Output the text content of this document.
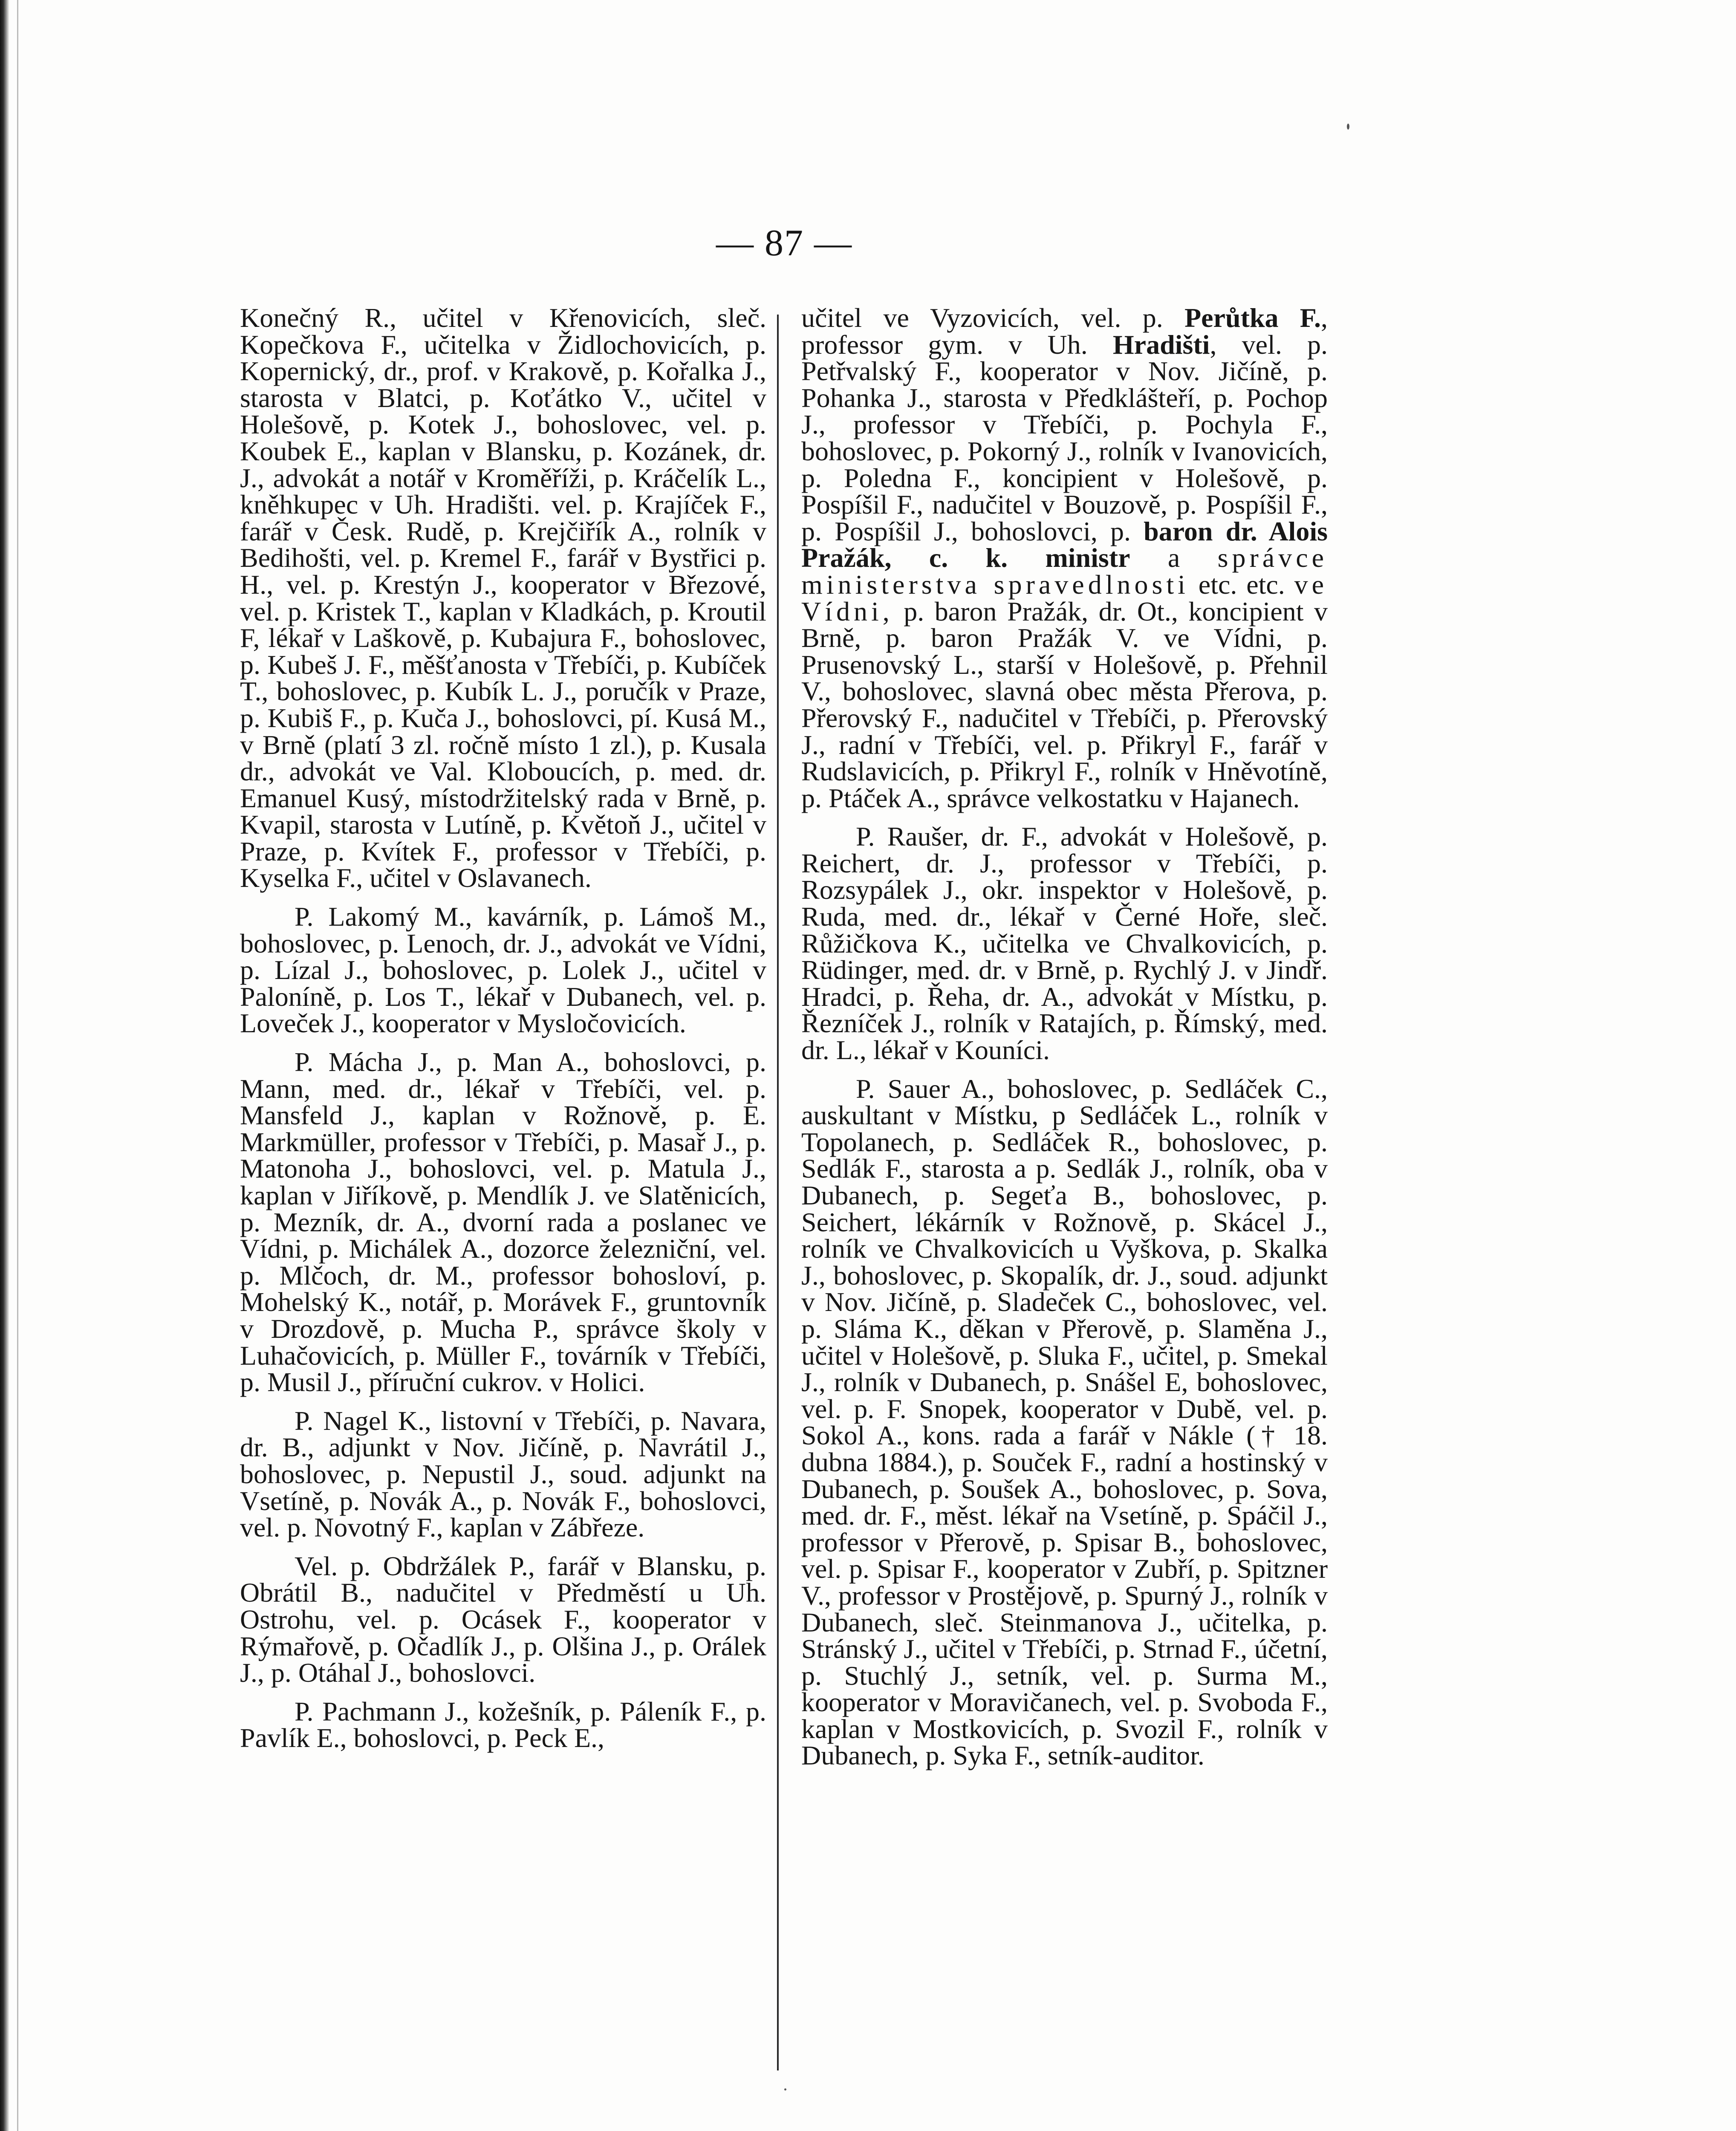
— 87 —

Konečný R., učitel v Křenovicích, sleč. Kopečkova F., učitelka v Židlochovicích, p. Kopernický, dr., prof. v Krakově, p. Kořalka J., starosta v Blatci, p. Koťátko V., učitel v Holešově, p. Kotek J., bohoslovec, vel. p. Koubek E., kaplan v Blansku, p. Kozánek, dr. J., advokát a notář v Kroměříži, p. Kráčelík L., kněhkupec v Uh. Hradišti. vel. p. Krajíček F., farář v Česk. Rudě, p. Krejčiřík A., rolník v Bedihošti, vel. p. Kremel F., farář v Bystřici p. H., vel. p. Krestýn J., kooperator v Březové, vel. p. Kristek T., kaplan v Kladkách, p. Kroutil F, lékař v Laškově, p. Kubajura F., bohoslovec, p. Kubeš J. F., měšťanosta v Třebíči, p. Kubíček T., bohoslovec, p. Kubík L. J., poručík v Praze, p. Kubiš F., p. Kuča J., bohoslovci, pí. Kusá M., v Brně (platí 3 zl. ročně místo 1 zl.), p. Kusala dr., advokát ve Val. Kloboucích, p. med. dr. Emanuel Kusý, místodržitelský rada v Brně, p. Kvapil, starosta v Lutíně, p. Květoň J., učitel v Praze, p. Kvítek F., professor v Třebíči, p. Kyselka F., učitel v Oslavanech.

P. Lakomý M., kavárník, p. Lámoš M., bohoslovec, p. Lenoch, dr. J., advokát ve Vídni, p. Lízal J., bohoslovec, p. Lolek J., učitel v Paloníně, p. Los T., lékař v Dubanech, vel. p. Loveček J., kooperator v Mysločovicích.

P. Mácha J., p. Man A., bohoslovci, p. Mann, med. dr., lékař v Třebíči, vel. p. Mansfeld J., kaplan v Rožnově, p. E. Markmüller, professor v Třebíči, p. Masař J., p. Matonoha J., bohoslovci, vel. p. Matula J., kaplan v Jiříkově, p. Mendlík J. ve Slatěnicích, p. Mezník, dr. A., dvorní rada a poslanec ve Vídni, p. Michálek A., dozorce železniční, vel. p. Mlčoch, dr. M., professor bohosloví, p. Mohelský K., notář, p. Morávek F., gruntovník v Drozdově, p. Mucha P., správce školy v Luhačovicích, p. Müller F., továrník v Třebíči, p. Musil J., příruční cukrov. v Holici.

P. Nagel K., listovní v Třebíči, p. Navara, dr. B., adjunkt v Nov. Jičíně, p. Navrátil J., bohoslovec, p. Nepustil J., soud. adjunkt na Vsetíně, p. Novák A., p. Novák F., bohoslovci, vel. p. Novotný F., kaplan v Zábřeze.

Vel. p. Obdržálek P., farář v Blansku, p. Obrátil B., nadučitel v Předměstí u Uh. Ostrohu, vel. p. Ocásek F., kooperator v Rýmařově, p. Očadlík J., p. Olšina J., p. Orálek J., p. Otáhal J., bohoslovci.

P. Pachmann J., kožešník, p. Páleník F., p. Pavlík E., bohoslovci, p. Peck E.,

učitel ve Vyzovicích, vel. p. Perůtka F., professor gym. v Uh. Hradišti, vel. p. Petřvalský F., kooperator v Nov. Jičíně, p. Pohanka J., starosta v Předklášteří, p. Pochop J., professor v Třebíči, p. Pochyla F., bohoslovec, p. Pokorný J., rolník v Ivanovicích, p. Poledna F., koncipient v Holešově, p. Pospíšil F., nadučitel v Bouzově, p. Pospíšil F., p. Pospíšil J., bohoslovci, p. baron dr. Alois Pražák, c. k. ministr a správce ministerstva spravedlnosti etc. etc. ve Vídni, p. baron Pražák, dr. Ot., koncipient v Brně, p. baron Pražák V. ve Vídni, p. Prusenovský L., starší v Holešově, p. Přehnil V., bohoslovec, slavná obec města Přerova, p. Přerovský F., nadučitel v Třebíči, p. Přerovský J., radní v Třebíči, vel. p. Přikryl F., farář v Rudslavicích, p. Přikryl F., rolník v Hněvotíně, p. Ptáček A., správce velkostatku v Hajanech.

P. Raušer, dr. F., advokát v Holešově, p. Reichert, dr. J., professor v Třebíči, p. Rozsypálek J., okr. inspektor v Holešově, p. Ruda, med. dr., lékař v Černé Hoře, sleč. Růžičkova K., učitelka ve Chvalkovicích, p. Rüdinger, med. dr. v Brně, p. Rychlý J. v Jindř. Hradci, p. Řeha, dr. A., advokát v Místku, p. Řezníček J., rolník v Ratajích, p. Římský, med. dr. L., lékař v Kouníci.

P. Sauer A., bohoslovec, p. Sedláček C., auskultant v Místku, p Sedláček L., rolník v Topolanech, p. Sedláček R., bohoslovec, p. Sedlák F., starosta a p. Sedlák J., rolník, oba v Dubanech, p. Segeťa B., bohoslovec, p. Seichert, lékárník v Rožnově, p. Skácel J., rolník ve Chvalkovicích u Vyškova, p. Skalka J., bohoslovec, p. Skopalík, dr. J., soud. adjunkt v Nov. Jičíně, p. Sladeček C., bohoslovec, vel. p. Sláma K., děkan v Přerově, p. Slaměna J., učitel v Holešově, p. Sluka F., učitel, p. Smekal J., rolník v Dubanech, p. Snášel E, bohoslovec, vel. p. F. Snopek, kooperator v Dubě, vel. p. Sokol A., kons. rada a farář v Nákle († 18. dubna 1884.), p. Souček F., radní a hostinský v Dubanech, p. Soušek A., bohoslovec, p. Sova, med. dr. F., měst. lékař na Vsetíně, p. Spáčil J., professor v Přerově, p. Spisar B., bohoslovec, vel. p. Spisar F., kooperator v Zubří, p. Spitzner V., professor v Prostějově, p. Spurný J., rolník v Dubanech, sleč. Steinmanova J., učitelka, p. Stránský J., učitel v Třebíči, p. Strnad F., účetní, p. Stuchlý J., setník, vel. p. Surma M., kooperator v Moravičanech, vel. p. Svoboda F., kaplan v Mostkovicích, p. Svozil F., rolník v Dubanech, p. Syka F., setník-auditor.
